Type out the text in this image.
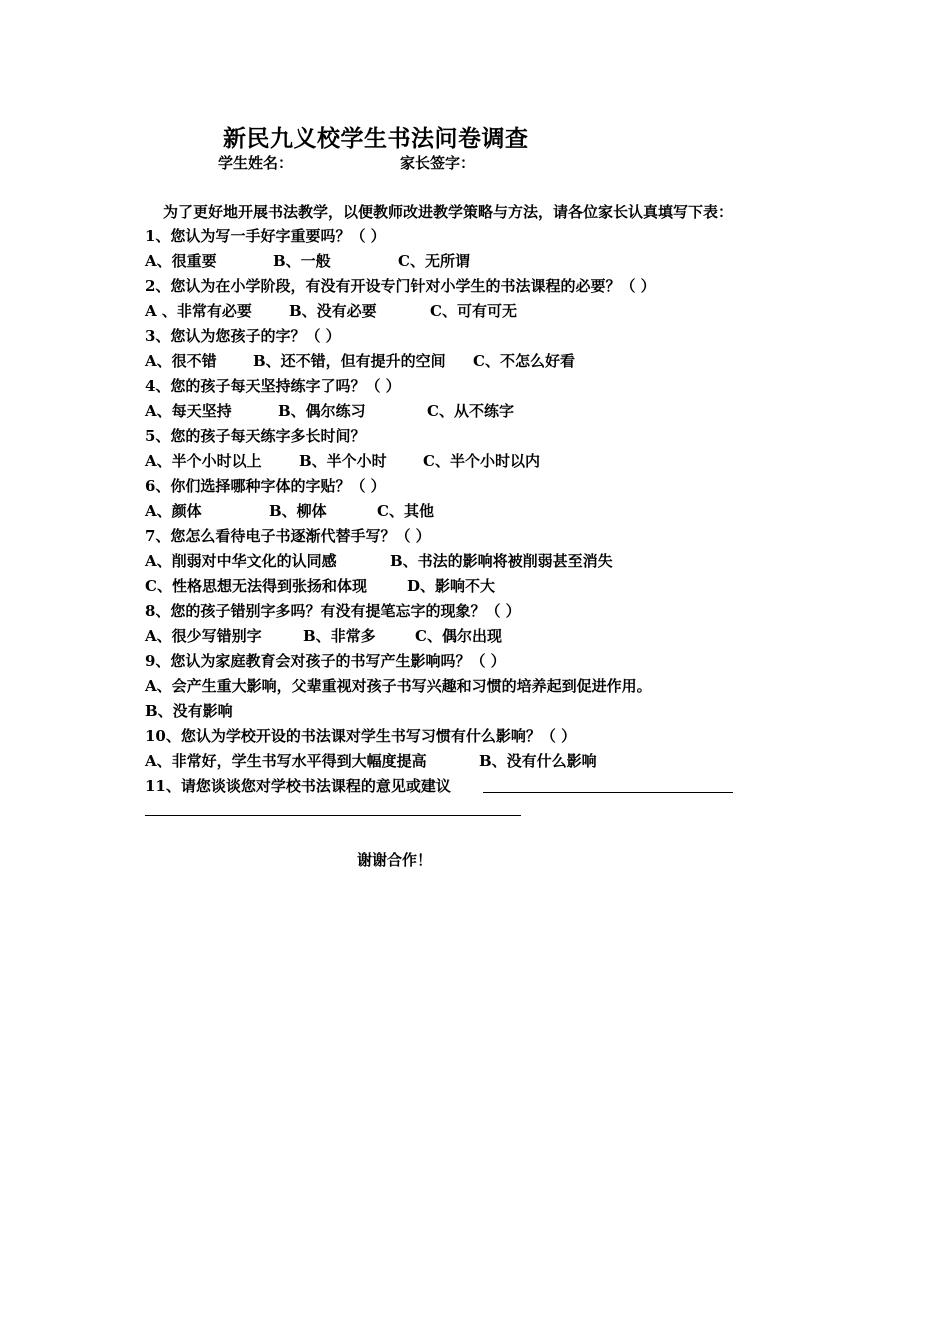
新民九义校学生书法问卷调查
学生姓名：	家长签字：
为了更好地开展书法教学，以便教师改进教学策略与方法，请各位家长认真填写下表：
1、您认为写一手好字重要吗？（ ）
A、很重要	B、一般	C、无所谓
2、您认为在小学阶段，有没有开设专门针对小学生的书法课程的必要？（ ）
A 、非常有必要 B、没有必要	C、可有可无
3、您认为您孩子的字？（ ）
A、很不错 B、还不错，但有提升的空间 C、不怎么好看
4、您的孩子每天坚持练字了吗？（ ）
A、每天坚持	B、偶尔练习	C、从不练字
5、您的孩子每天练字多长时间？
A、半个小时以上 B、半个小时 C、半个小时以内
6、你们选择哪种字体的字贴？（ ）
A、颜体	B、柳体	C、其他
7、您怎么看待电子书逐渐代替手写？（ ）
A、削弱对中华文化的认同感	B、书法的影响将被削弱甚至消失
C、性格思想无法得到张扬和体现	D、影响不大
8、您的孩子错别字多吗？有没有提笔忘字的现象？（ ）
A、很少写错别字	B、非常多	C、偶尔出现
9、您认为家庭教育会对孩子的书写产生影响吗？（ ）
A、会产生重大影响，父辈重视对孩子书写兴趣和习惯的培养起到促进作用。
B、没有影响
10、您认为学校开设的书法课对学生书写习惯有什么影响？（ ）
A、非常好，学生书写水平得到大幅度提高	B、没有什么影响
11、请您谈谈您对学校书法课程的意见或建议
谢谢合作！
